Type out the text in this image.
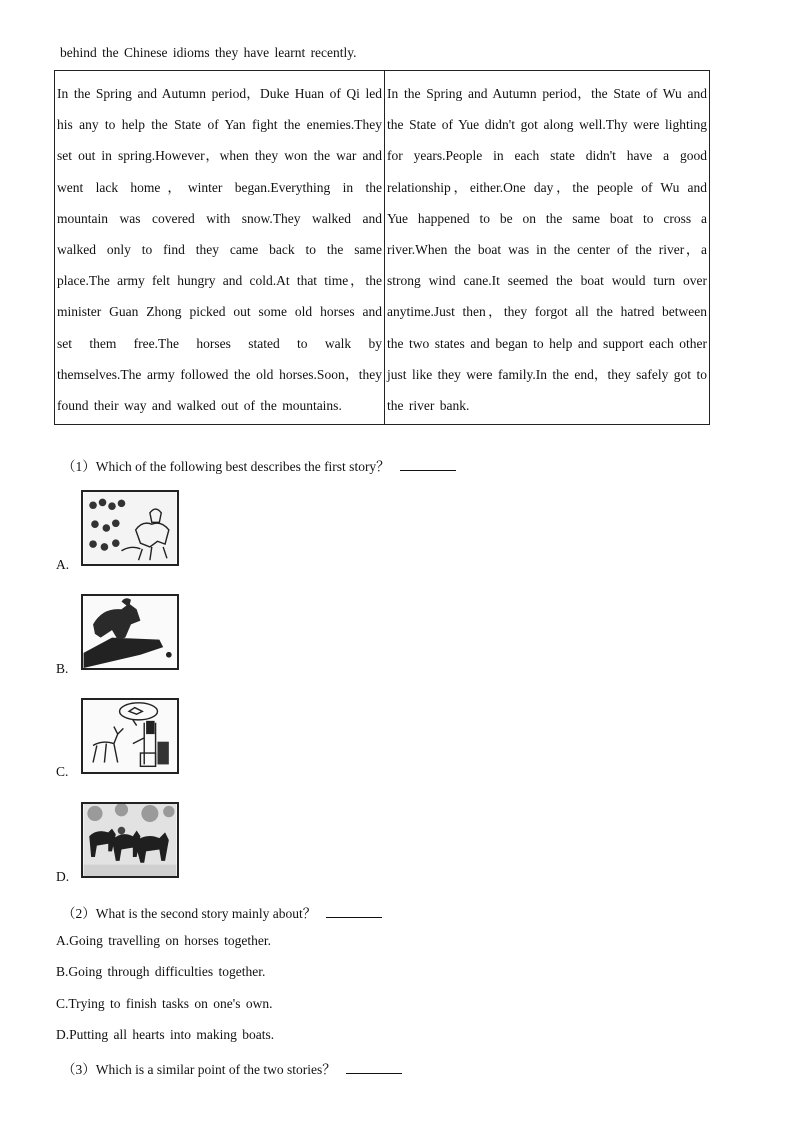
behind the Chinese idioms they have learnt recently.
In the Spring and Autumn period，Duke Huan of Qi led his any to help the State of Yan fight the enemies.They set out in spring.However，when they won the war and went lack home，winter began.Everything in the mountain was covered with snow.They walked and walked only to find they came back to the same place.The army felt hungry and cold.At that time，the minister Guan Zhong picked out some old horses and set them free.The horses stated to walk by themselves.The army followed the old horses.Soon，they found their way and walked out of the mountains.	In the Spring and Autumn period，the State of Wu and the State of Yue didn't got along well.Thy were lighting for years.People in each state didn't have a good relationship，either.One day，the people of Wu and Yue happened to be on the same boat to cross a river.When the boat was in the center of the river，a strong wind cane.It seemed the boat would turn over anytime.Just then，they forgot all the hatred between the two states and began to help and support each other just like they were family.In the end，they safely got to the river bank.
（1）Which of the following best describes the first story？
A.
B.
C.
D.
（2）What is the second story mainly about？
A.Going travelling on horses together.
B.Going through difficulties together.
C.Trying to finish tasks on one's own.
D.Putting all hearts into making boats.
（3）Which is a similar point of the two stories？
